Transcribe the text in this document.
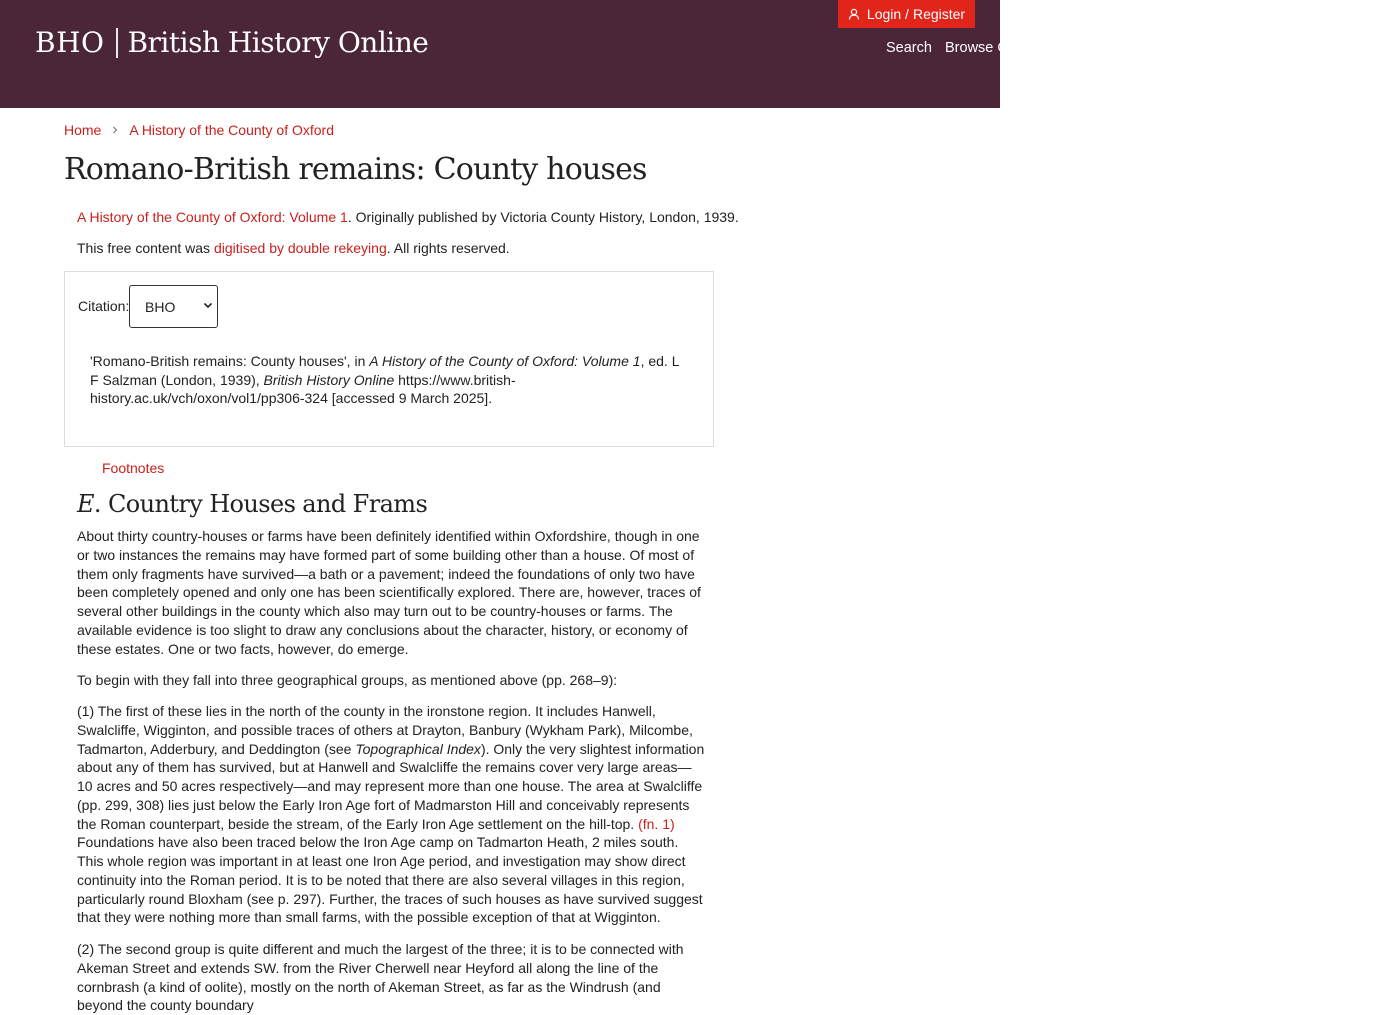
Login / Register
BHO British History Online	Search Browse Catalogue Subject guides Using BHO About Log in News
Home A History of the County of Oxford
Romano-British remains: County houses

A History of the County of Oxford: Volume 1. Originally published by Victoria County History, London, 1939.

This free content was digitised by double rekeying. All rights reserved.

Citation: BHO

'Romano-British remains: County houses', in A History of the County of Oxford: Volume 1, ed. L F Salzman (London, 1939), British History Online https://www.british-history.ac.uk/vch/oxon/vol1/pp306-324 [accessed 9 March 2025].

Footnotes
E. Country Houses and Frams

About thirty country-houses or farms have been definitely identified within Oxfordshire, though in one or two instances the remains may have formed part of some building other than a house. Of most of them only fragments have survived—a bath or a pavement; indeed the foundations of only two have been completely opened and only one has been scientifically explored. There are, however, traces of several other buildings in the county which also may turn out to be country-houses or farms. The available evidence is too slight to draw any conclusions about the character, history, or economy of these estates. One or two facts, however, do emerge.

To begin with they fall into three geographical groups, as mentioned above (pp. 268–9):

(1) The first of these lies in the north of the county in the ironstone region. It includes Hanwell, Swalcliffe, Wigginton, and possible traces of others at Drayton, Banbury (Wykham Park), Milcombe, Tadmarton, Adderbury, and Deddington (see Topographical Index). Only the very slightest information about any of them has survived, but at Hanwell and Swalcliffe the remains cover very large areas—10 acres and 50 acres respectively—and may represent more than one house. The area at Swalcliffe (pp. 299, 308) lies just below the Early Iron Age fort of Madmarston Hill and conceivably represents the Roman counterpart, beside the stream, of the Early Iron Age settlement on the hill-top. (fn. 1) Foundations have also been traced below the Iron Age camp on Tadmarton Heath, 2 miles south. This whole region was important in at least one Iron Age period, and investigation may show direct continuity into the Roman period. It is to be noted that there are also several villages in this region, particularly round Bloxham (see p. 297). Further, the traces of such houses as have survived suggest that they were nothing more than small farms, with the possible exception of that at Wigginton.

(2) The second group is quite different and much the largest of the three; it is to be connected with Akeman Street and extends SW. from the River Cherwell near Heyford all along the line of the cornbrash (a kind of oolite), mostly on the north of Akeman Street, as far as the Windrush (and beyond the county boundary
